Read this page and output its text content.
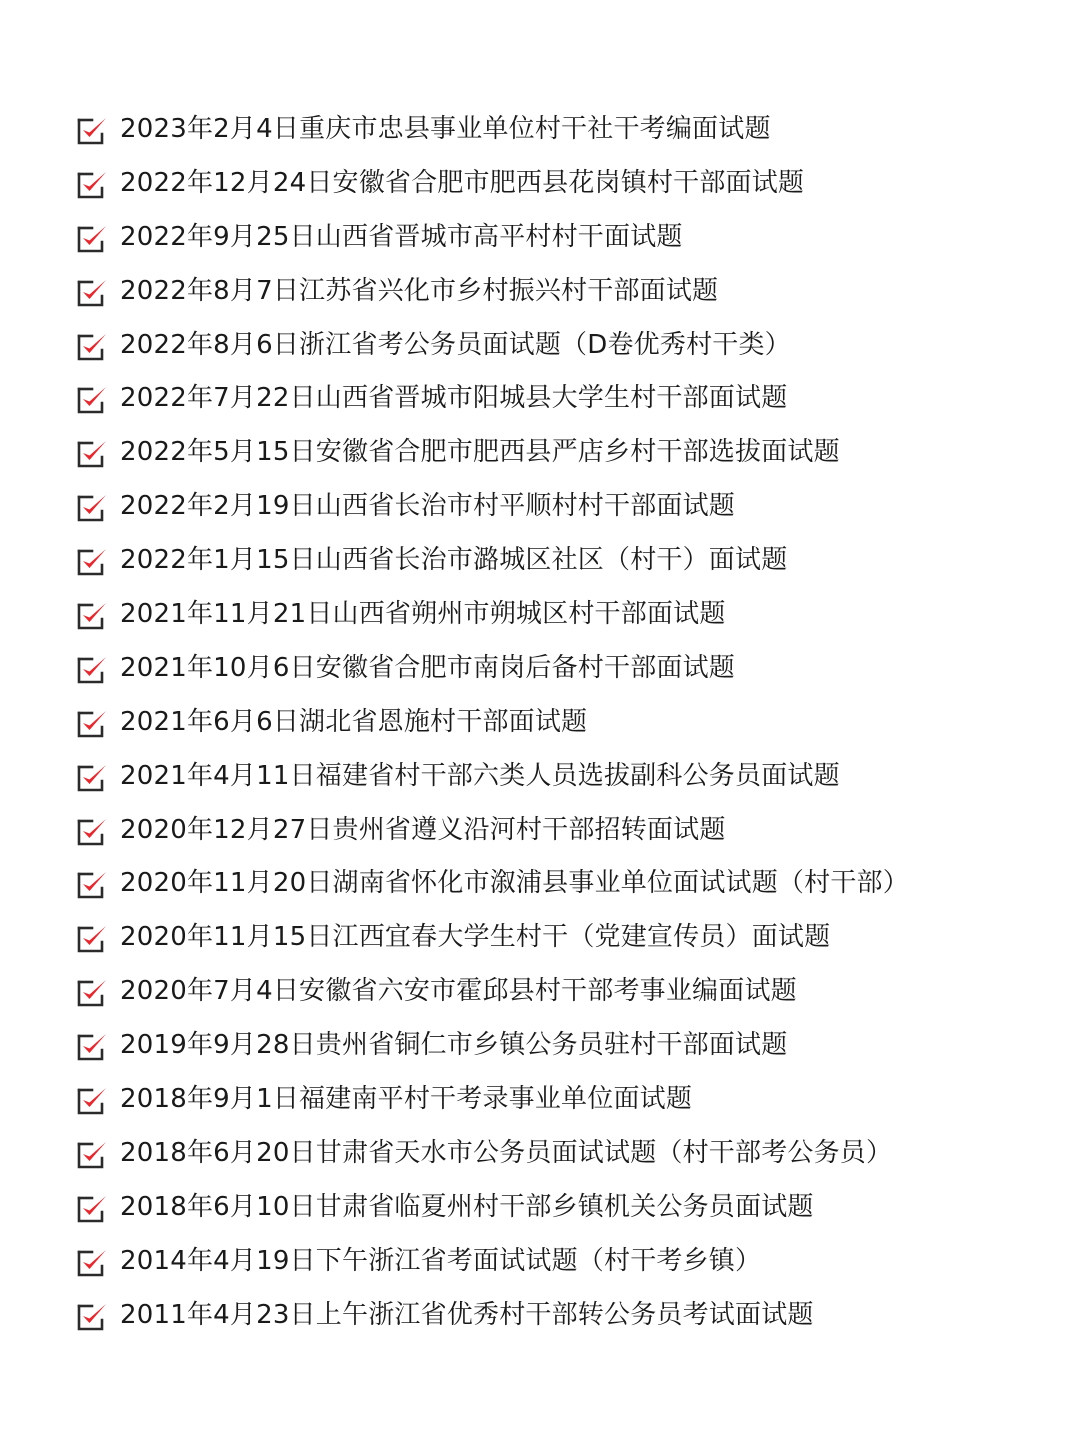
2023年2月4日重庆市忠县事业单位村干社干考编面试题
2022年12月24日安徽省合肥市肥西县花岗镇村干部面试题
2022年9月25日山西省晋城市高平村村干面试题
2022年8月7日江苏省兴化市乡村振兴村干部面试题
2022年8月6日浙江省考公务员面试题（D卷优秀村干类）
2022年7月22日山西省晋城市阳城县大学生村干部面试题
2022年5月15日安徽省合肥市肥西县严店乡村干部选拔面试题
2022年2月19日山西省长治市村平顺村村干部面试题
2022年1月15日山西省长治市潞城区社区（村干）面试题
2021年11月21日山西省朔州市朔城区村干部面试题
2021年10月6日安徽省合肥市南岗后备村干部面试题
2021年6月6日湖北省恩施村干部面试题
2021年4月11日福建省村干部六类人员选拔副科公务员面试题
2020年12月27日贵州省遵义沿河村干部招转面试题
2020年11月20日湖南省怀化市溆浦县事业单位面试试题（村干部）
2020年11月15日江西宜春大学生村干（党建宣传员）面试题
2020年7月4日安徽省六安市霍邱县村干部考事业编面试题
2019年9月28日贵州省铜仁市乡镇公务员驻村干部面试题
2018年9月1日福建南平村干考录事业单位面试题
2018年6月20日甘肃省天水市公务员面试试题（村干部考公务员）
2018年6月10日甘肃省临夏州村干部乡镇机关公务员面试题
2014年4月19日下午浙江省考面试试题（村干考乡镇）
2011年4月23日上午浙江省优秀村干部转公务员考试面试题
